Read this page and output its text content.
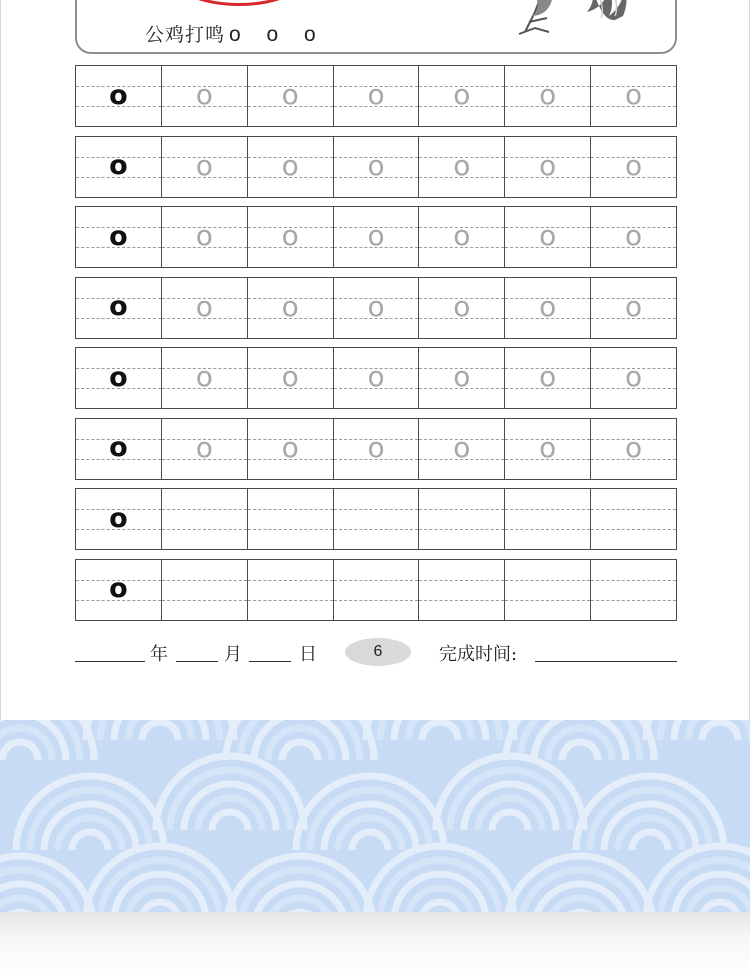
公鸡打鸣 o o o
o o o o o o o
o o o o o o o
o o o o o o o
o o o o o o o
o o o o o o o
o o o o o o o
o
o
年	月	日	6	完成时间:
